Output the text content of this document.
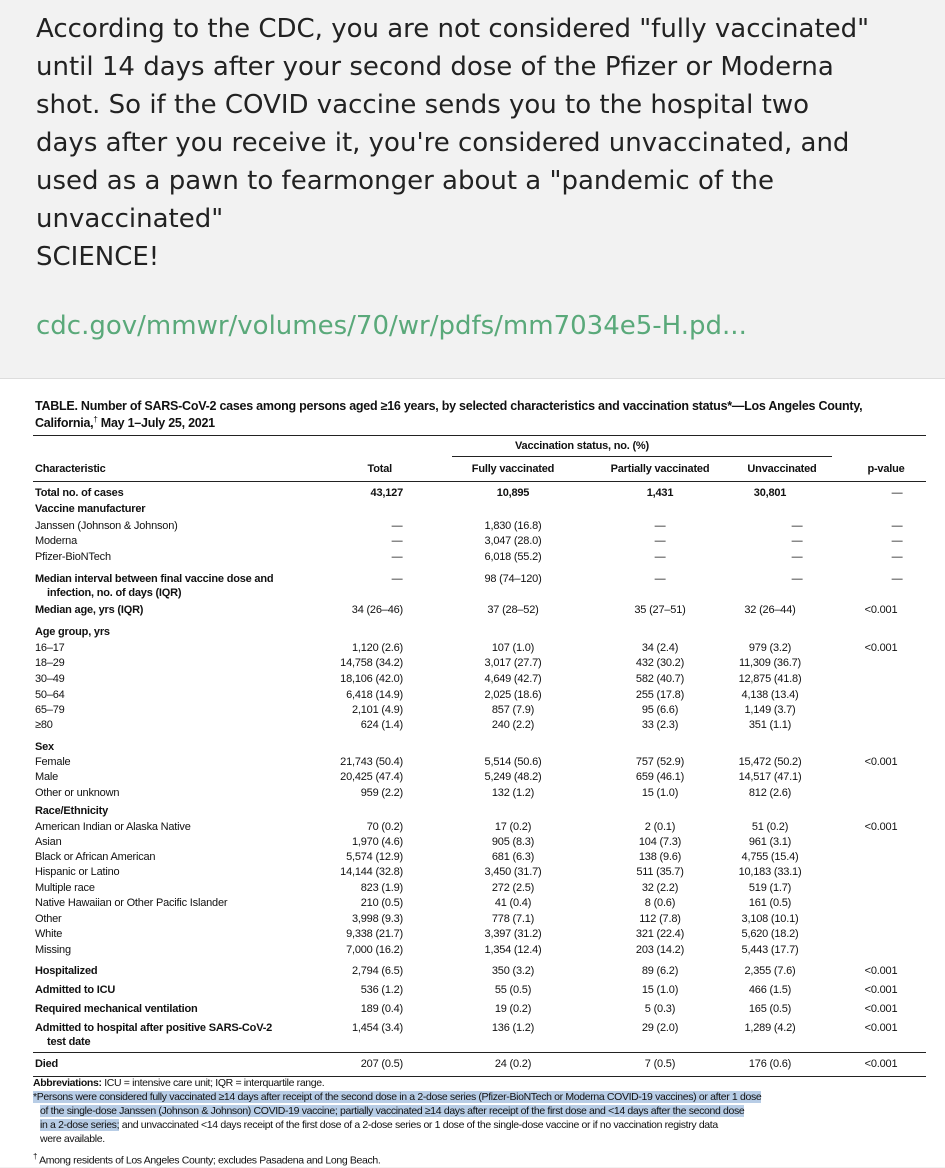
According to the CDC, you are not considered "fully vaccinated"
until 14 days after your second dose of the Pfizer or Moderna
shot. So if the COVID vaccine sends you to the hospital two
days after you receive it, you're considered unvaccinated, and
used as a pawn to fearmonger about a "pandemic of the
unvaccinated"
SCIENCE!
cdc.gov/mmwr/volumes/70/wr/pdfs/mm7034e5-H.pd...
TABLE. Number of SARS-CoV-2 cases among persons aged ≥16 years, by selected characteristics and vaccination status*—Los Angeles County,
California,† May 1–July 25, 2021
Vaccination status, no. (%)
Characteristic	Total	Fully vaccinated	Partially vaccinated	Unvaccinated	p-value
Total no. of cases	43,127	10,895	1,431	30,801	—
Vaccine manufacturer
Janssen (Johnson & Johnson)	—	1,830 (16.8)	—	—	—
Moderna	—	3,047 (28.0)	—	—	—
Pfizer-BioNTech	—	6,018 (55.2)	—	—	—
Median interval between final vaccine dose and
infection, no. of days (IQR)
—	98 (74–120)	—	—	—
Median age, yrs (IQR)	34 (26–46)	37 (28–52)	35 (27–51)	32 (26–44)	<0.001
Age group, yrs
16–17	1,120 (2.6)	107 (1.0)	34 (2.4)	979 (3.2)	<0.001
18–29	14,758 (34.2)	3,017 (27.7)	432 (30.2)	11,309 (36.7)
30–49	18,106 (42.0)	4,649 (42.7)	582 (40.7)	12,875 (41.8)
50–64	6,418 (14.9)	2,025 (18.6)	255 (17.8)	4,138 (13.4)
65–79	2,101 (4.9)	857 (7.9)	95 (6.6)	1,149 (3.7)
≥80	624 (1.4)	240 (2.2)	33 (2.3)	351 (1.1)
Sex
Female	21,743 (50.4)	5,514 (50.6)	757 (52.9)	15,472 (50.2)	<0.001
Male	20,425 (47.4)	5,249 (48.2)	659 (46.1)	14,517 (47.1)
Other or unknown	959 (2.2)	132 (1.2)	15 (1.0)	812 (2.6)
Race/Ethnicity
American Indian or Alaska Native	70 (0.2)	17 (0.2)	2 (0.1)	51 (0.2)	<0.001
Asian	1,970 (4.6)	905 (8.3)	104 (7.3)	961 (3.1)
Black or African American	5,574 (12.9)	681 (6.3)	138 (9.6)	4,755 (15.4)
Hispanic or Latino	14,144 (32.8)	3,450 (31.7)	511 (35.7)	10,183 (33.1)
Multiple race	823 (1.9)	272 (2.5)	32 (2.2)	519 (1.7)
Native Hawaiian or Other Pacific Islander	210 (0.5)	41 (0.4)	8 (0.6)	161 (0.5)
Other	3,998 (9.3)	778 (7.1)	112 (7.8)	3,108 (10.1)
White	9,338 (21.7)	3,397 (31.2)	321 (22.4)	5,620 (18.2)
Missing	7,000 (16.2)	1,354 (12.4)	203 (14.2)	5,443 (17.7)
Hospitalized	2,794 (6.5)	350 (3.2)	89 (6.2)	2,355 (7.6)	<0.001
Admitted to ICU	536 (1.2)	55 (0.5)	15 (1.0)	466 (1.5)	<0.001
Required mechanical ventilation	189 (0.4)	19 (0.2)	5 (0.3)	165 (0.5)	<0.001
Admitted to hospital after positive SARS-CoV-2
test date
1,454 (3.4)	136 (1.2)	29 (2.0)	1,289 (4.2)	<0.001
Died	207 (0.5)	24 (0.2)	7 (0.5)	176 (0.6)	<0.001
Abbreviations: ICU = intensive care unit; IQR = interquartile range.
*Persons were considered fully vaccinated ≥14 days after receipt of the second dose in a 2-dose series (Pfizer-BioNTech or Moderna COVID-19 vaccines) or after 1 dose
of the single-dose Janssen (Johnson & Johnson) COVID-19 vaccine; partially vaccinated ≥14 days after receipt of the first dose and <14 days after the second dose
in a 2-dose series; and unvaccinated <14 days receipt of the first dose of a 2-dose series or 1 dose of the single-dose vaccine or if no vaccination registry data
were available.
† Among residents of Los Angeles County; excludes Pasadena and Long Beach.
